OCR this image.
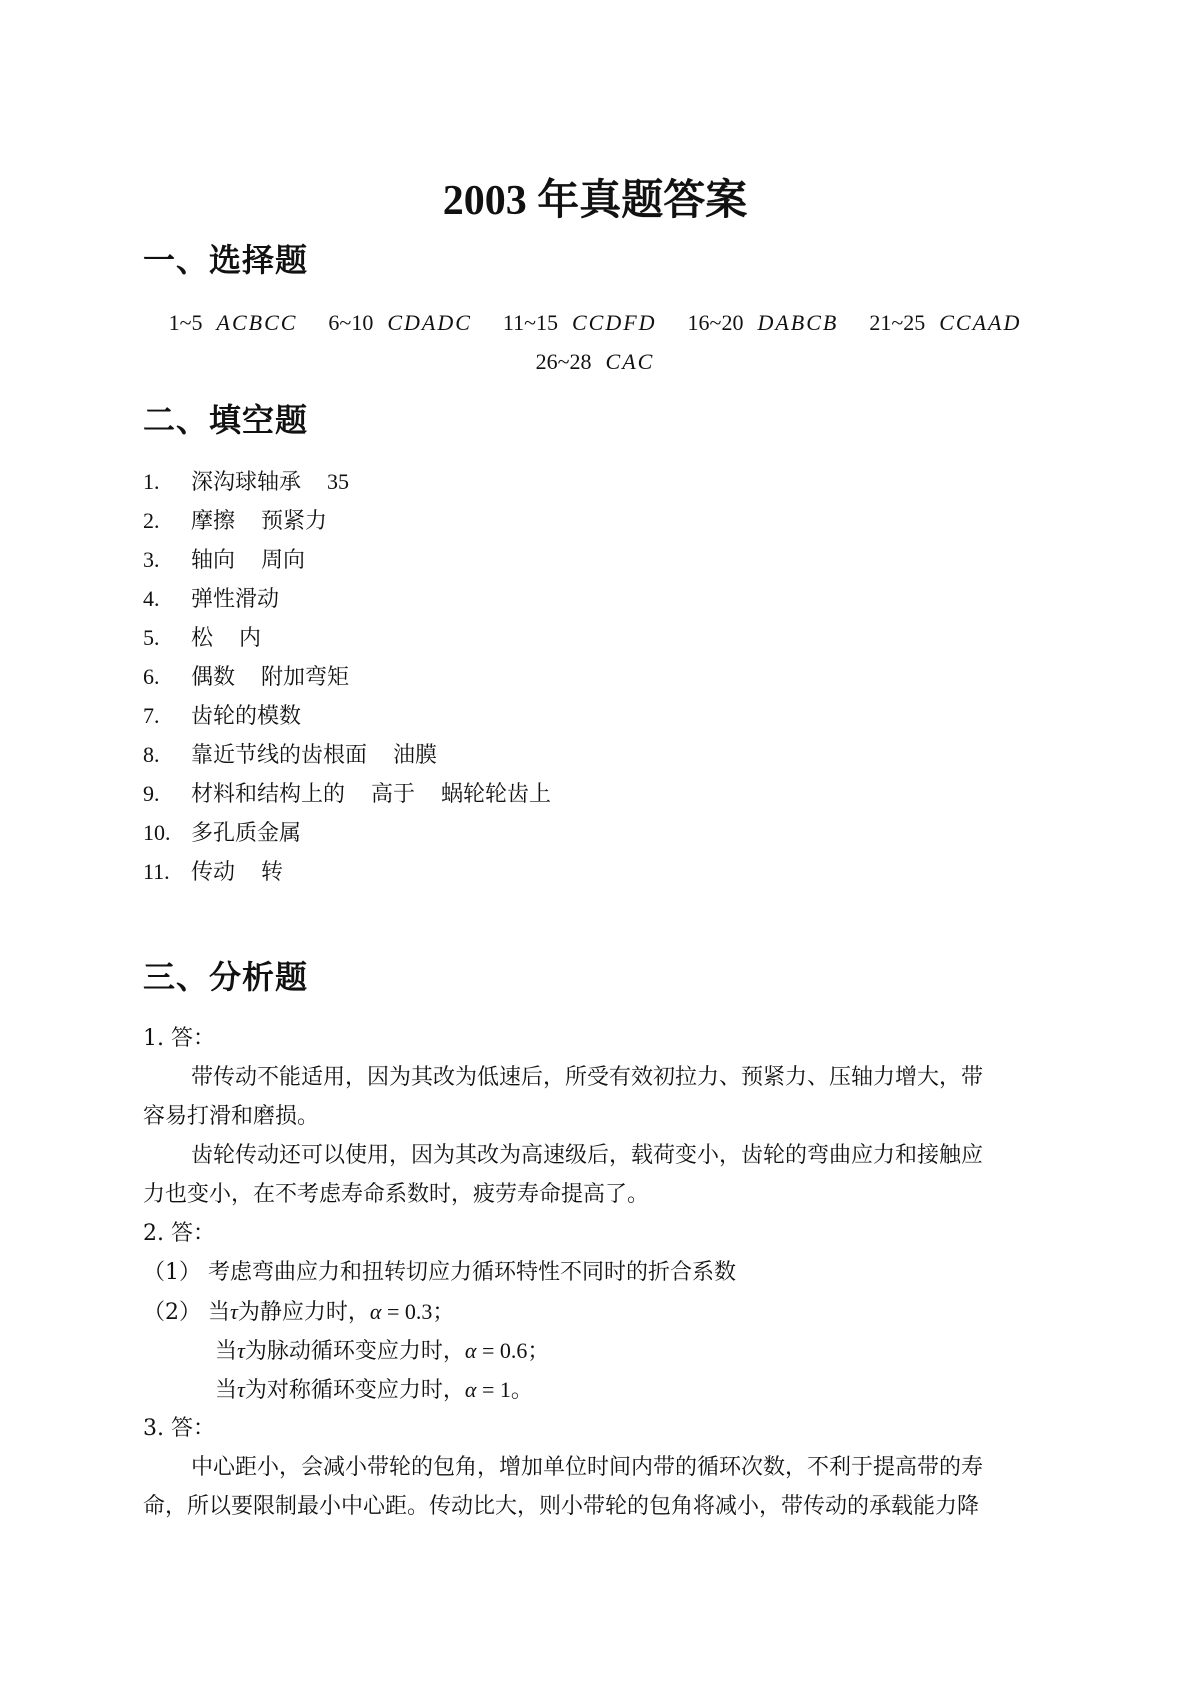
2003 年真题答案
一、选择题
1~5 ACBCC 6~10 CDADC 11~15 CCDFD 16~20 DABCB 21~25 CCAAD
26~28 CAC
二、填空题
1. 深沟球轴承 35
2. 摩擦 预紧力
3. 轴向 周向
4. 弹性滑动
5. 松 内
6. 偶数 附加弯矩
7. 齿轮的模数
8. 靠近节线的齿根面 油膜
9. 材料和结构上的 高于 蜗轮轮齿上
10. 多孔质金属
11. 传动 转
三、分析题
1. 答：
带传动不能适用，因为其改为低速后，所受有效初拉力、预紧力、压轴力增大，带
容易打滑和磨损。
齿轮传动还可以使用，因为其改为高速级后，载荷变小，齿轮的弯曲应力和接触应
力也变小，在不考虑寿命系数时，疲劳寿命提高了。
2. 答：
（1） 考虑弯曲应力和扭转切应力循环特性不同时的折合系数
（2） 当τ为静应力时，α = 0.3；
当τ为脉动循环变应力时，α = 0.6；
当τ为对称循环变应力时，α = 1。
3. 答：
中心距小，会减小带轮的包角，增加单位时间内带的循环次数，不利于提高带的寿
命，所以要限制最小中心距。传动比大，则小带轮的包角将减小，带传动的承载能力降
